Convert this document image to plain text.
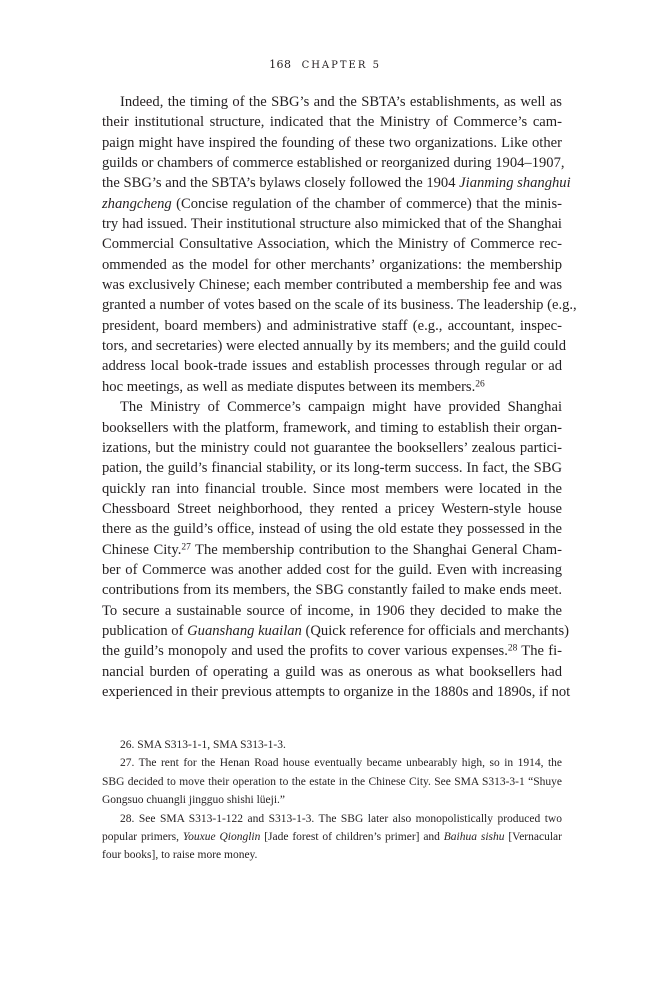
168 CHAPTER 5
Indeed, the timing of the SBG’s and the SBTA’s establishments, as well as
their institutional structure, indicated that the Ministry of Commerce’s cam-
paign might have inspired the founding of these two organizations. Like other
guilds or chambers of commerce established or reorganized during 1904–1907,
the SBG’s and the SBTA’s bylaws closely followed the 1904 Jianming shanghui
zhangcheng (Concise regulation of the chamber of commerce) that the minis-
try had issued. Their institutional structure also mimicked that of the Shanghai
Commercial Consultative Association, which the Ministry of Commerce rec-
ommended as the model for other merchants’ organizations: the membership
was exclusively Chinese; each member contributed a membership fee and was
granted a number of votes based on the scale of its business. The leadership (e.g.,
president, board members) and administrative staff (e.g., accountant, inspec-
tors, and secretaries) were elected annually by its members; and the guild could
address local book-trade issues and establish processes through regular or ad
hoc meetings, as well as mediate disputes between its members.$^{26}$
The Ministry of Commerce’s campaign might have provided Shanghai
booksellers with the platform, framework, and timing to establish their organ-
izations, but the ministry could not guarantee the booksellers’ zealous partici-
pation, the guild’s financial stability, or its long-term success. In fact, the SBG
quickly ran into financial trouble. Since most members were located in the
Chessboard Street neighborhood, they rented a pricey Western-style house
there as the guild’s office, instead of using the old estate they possessed in the
Chinese City.$^{27}$ The membership contribution to the Shanghai General Cham-
ber of Commerce was another added cost for the guild. Even with increasing
contributions from its members, the SBG constantly failed to make ends meet.
To secure a sustainable source of income, in 1906 they decided to make the
publication of Guanshang kuailan (Quick reference for officials and merchants)
the guild’s monopoly and used the profits to cover various expenses.$^{28}$ The fi-
nancial burden of operating a guild was as onerous as what booksellers had
experienced in their previous attempts to organize in the 1880s and 1890s, if not
26. SMA S313-1-1, SMA S313-1-3.
27. The rent for the Henan Road house eventually became unbearably high, so in 1914, the
SBG decided to move their operation to the estate in the Chinese City. See SMA S313-3-1 “Shuye
Gongsuo chuangli jingguo shishi lüeji.”
28. See SMA S313-1-122 and S313-1-3. The SBG later also monopolistically produced two
popular primers, Youxue Qionglin [Jade forest of children’s primer] and Baihua sishu [Vernacular
four books], to raise more money.
